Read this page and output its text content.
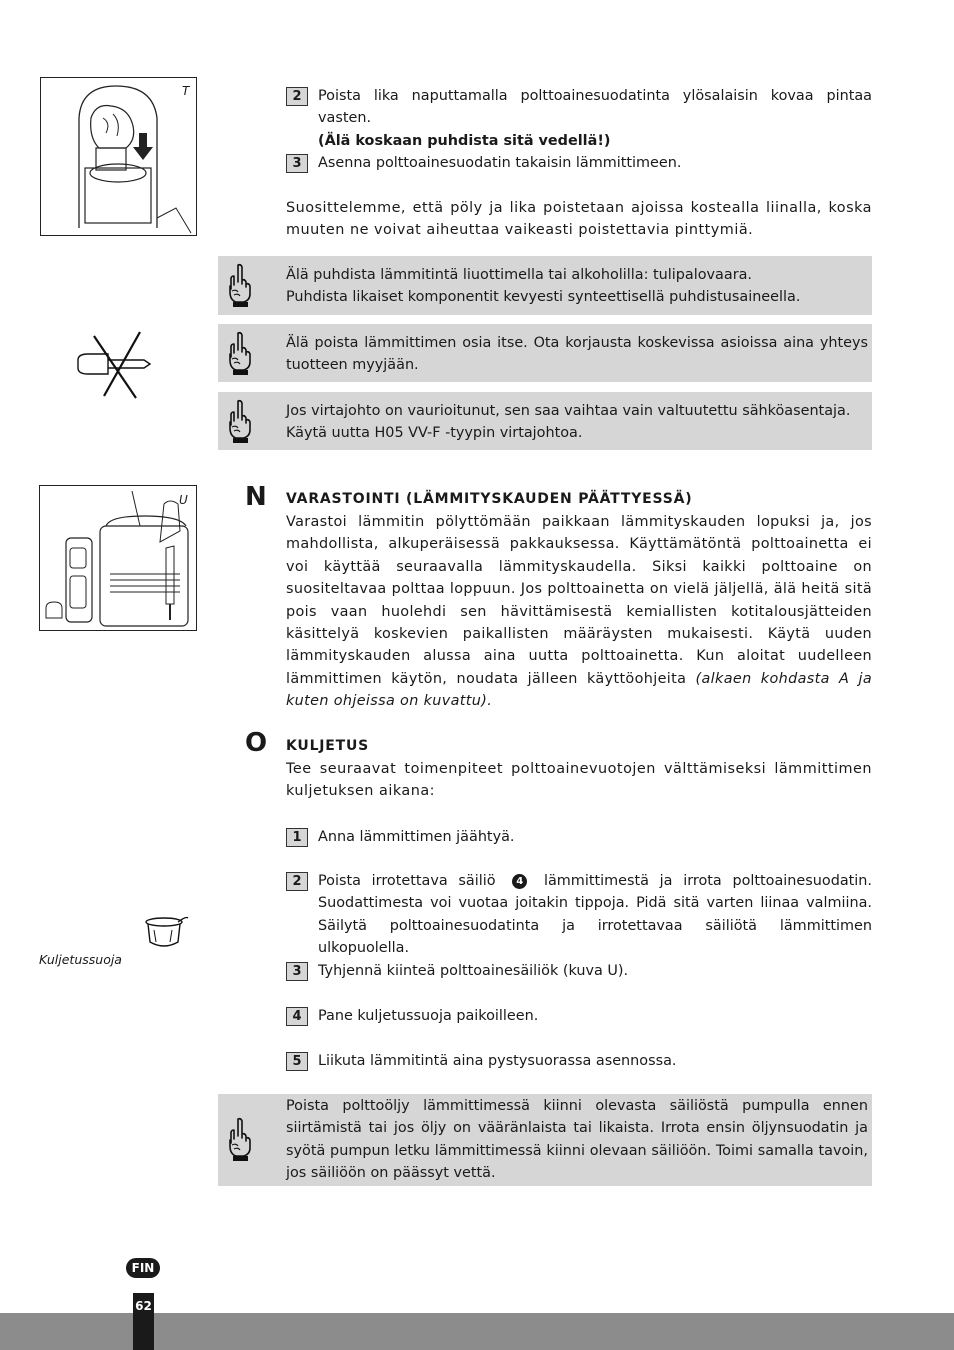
T
U
Kuljetussuoja
2	Poista lika naputtamalla polttoainesuodatinta ylösalaisin kovaa pintaa vasten.
(Älä koskaan puhdista sitä vedellä!)
3	Asenna polttoainesuodatin takaisin lämmittimeen.
Suosittelemme, että pöly ja lika poistetaan ajoissa kostealla liinalla, koska muuten ne voivat aiheuttaa vaikeasti poistettavia pinttymiä.
Älä puhdista lämmitintä liuottimella tai alkoholilla: tulipalovaara.
Puhdista likaiset komponentit kevyesti synteettisellä puhdistusaineella.
Älä poista lämmittimen osia itse. Ota korjausta koskevissa asioissa aina yhteys tuotteen myyjään.
Jos virtajohto on vaurioitunut, sen saa vaihtaa vain valtuutettu sähköasentaja. Käytä uutta H05 VV-F -tyypin virtajohtoa.
N VARASTOINTI (LÄMMITYSKAUDEN PÄÄTTYESSÄ)
Varastoi lämmitin pölyttömään paikkaan lämmityskauden lopuksi ja, jos mahdollista, alkuperäisessä pakkauksessa. Käyttämätöntä polttoainetta ei voi käyttää seuraavalla lämmityskaudella. Siksi kaikki polttoaine on suositeltavaa polttaa loppuun. Jos polttoainetta on vielä jäljellä, älä heitä sitä pois vaan huolehdi sen hävittämisestä kemiallisten kotitalousjätteiden käsittelyä koskevien paikallisten määräysten mukaisesti. Käytä uuden lämmityskauden alussa aina uutta polttoainetta. Kun aloitat uudelleen lämmittimen käytön, noudata jälleen käyttöohjeita (alkaen kohdasta A ja kuten ohjeissa on kuvattu).
O KULJETUS
Tee seuraavat toimenpiteet polttoainevuotojen välttämiseksi lämmittimen kuljetuksen aikana:
1	Anna lämmittimen jäähtyä.
2	Poista irrotettava säiliö 4 lämmittimestä ja irrota polttoainesuodatin. Suodattimesta voi vuotaa joitakin tippoja. Pidä sitä varten liinaa valmiina. Säilytä polttoainesuodatinta ja irrotettavaa säiliötä lämmittimen ulkopuolella.
3	Tyhjennä kiinteä polttoainesäiliök (kuva U).
4	Pane kuljetussuoja paikoilleen.
5	Liikuta lämmitintä aina pystysuorassa asennossa.
Poista polttoöljy lämmittimessä kiinni olevasta säiliöstä pumpulla ennen siirtämistä tai jos öljy on vääränlaista tai likaista. Irrota ensin öljynsuodatin ja syötä pumpun letku lämmittimessä kiinni olevaan säiliöön. Toimi samalla tavoin, jos säiliöön on päässyt vettä.
FIN
62
